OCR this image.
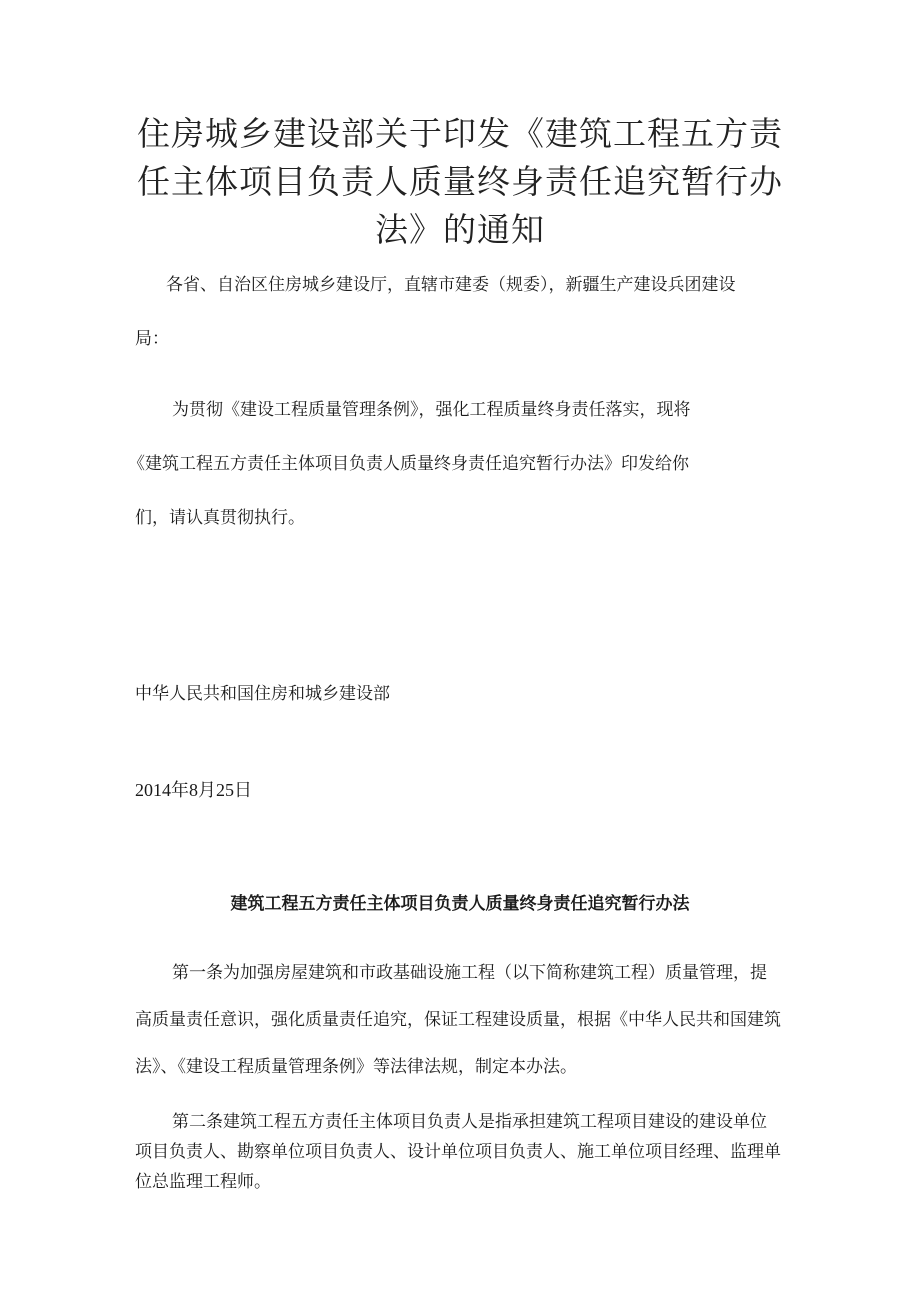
住房城乡建设部关于印发《建筑工程五方责
任主体项目负责人质量终身责任追究暂行办
法》的通知

各省、自治区住房城乡建设厅，直辖市建委（规委），新疆生产建设兵团建设

局：

为贯彻《建设工程质量管理条例》，强化工程质量终身责任落实，现将

《建筑工程五方责任主体项目负责人质量终身责任追究暂行办法》印发给你

们，请认真贯彻执行。

中华人民共和国住房和城乡建设部

2014年8月25日

建筑工程五方责任主体项目负责人质量终身责任追究暂行办法

第一条为加强房屋建筑和市政基础设施工程（以下简称建筑工程）质量管理，提

高质量责任意识，强化质量责任追究，保证工程建设质量，根据《中华人民共和国建筑

法》、《建设工程质量管理条例》等法律法规，制定本办法。

第二条建筑工程五方责任主体项目负责人是指承担建筑工程项目建设的建设单位

项目负责人、勘察单位项目负责人、设计单位项目负责人、施工单位项目经理、监理单

位总监理工程师。
